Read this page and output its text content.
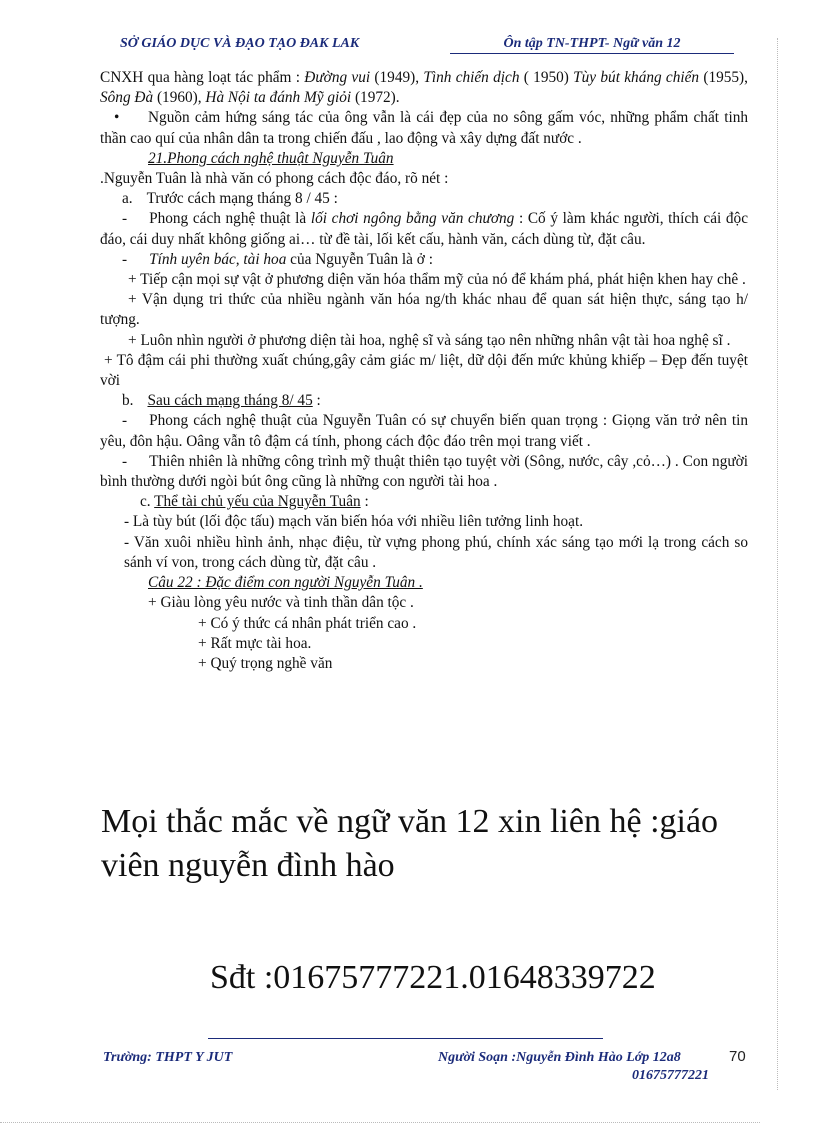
SỞ GIÁO DỤC VÀ ĐẠO TẠO ĐAK LAK	Ôn tập TN-THPT- Ngữ văn 12

CNXH qua hàng loạt tác phẩm : Đường vui (1949), Tình chiến dịch ( 1950) Tùy bút kháng chiến (1955), Sông Đà (1960), Hà Nội ta đánh Mỹ giỏi (1972).

•	Nguồn cảm hứng sáng tác của ông vẫn là cái đẹp của no sông gấm vóc, những phẩm chất tinh thần cao quí của nhân dân ta trong chiến đấu , lao động và xây dựng đất nước .

21.Phong cách nghệ thuật Nguyễn Tuân

.Nguyễn Tuân là nhà văn có phong cách độc đáo, rõ nét :

a. Trước cách mạng tháng 8 / 45 :

- Phong cách nghệ thuật là lối chơi ngông bằng văn chương : Cố ý làm khác người, thích cái độc đáo, cái duy nhất không giống ai… từ đề tài, lối kết cấu, hành văn, cách dùng từ, đặt câu.

- Tính uyên bác, tài hoa của Nguyễn Tuân là ở :

+ Tiếp cận mọi sự vật ở phương diện văn hóa thẩm mỹ của nó để khám phá, phát hiện khen hay chê .

+ Vận dụng tri thức của nhiều ngành văn hóa ng/th khác nhau để quan sát hiện thực, sáng tạo h/ tượng.

+ Luôn nhìn người ở phương diện tài hoa, nghệ sĩ và sáng tạo nên những nhân vật tài hoa nghệ sĩ .

+ Tô đậm cái phi thường xuất chúng,gây cảm giác m/ liệt, dữ dội đến mức khủng khiếp – Đẹp đến tuyệt vời

b. Sau cách mạng tháng 8/ 45 :

- Phong cách nghệ thuật của Nguyễn Tuân có sự chuyển biến quan trọng : Giọng văn trở nên tin yêu, đôn hậu. Oâng vẫn tô đậm cá tính, phong cách độc đáo trên mọi trang viết .

- Thiên nhiên là những công trình mỹ thuật thiên tạo tuyệt vời (Sông, nước, cây ,cỏ…) . Con người bình thường dưới ngòi bút ông cũng là những con người tài hoa .

c. Thể tài chủ yếu của Nguyễn Tuân :

- Là tùy bút (lối độc tấu) mạch văn biến hóa với nhiều liên tưởng linh hoạt.

- Văn xuôi nhiều hình ảnh, nhạc điệu, từ vựng phong phú, chính xác sáng tạo mới lạ trong cách so sánh ví von, trong cách dùng từ, đặt câu .

Câu 22 : Đặc điểm con người Nguyễn Tuân .

+ Giàu lòng yêu nước và tinh thần dân tộc .

+ Có ý thức cá nhân phát triển cao .

+ Rất mực tài hoa.

+ Quý trọng nghề văn

Mọi thắc mắc về ngữ văn 12 xin liên hệ :giáo viên nguyễn đình hào
Sđt :01675777221.01648339722
Trường: THPT Y JUT	Người Soạn :Nguyễn Đình Hào Lớp 12a8
01675777221
70
